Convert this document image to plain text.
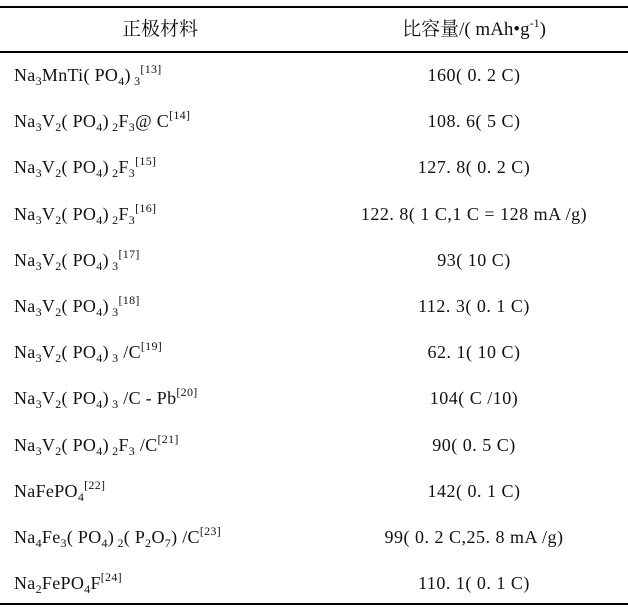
正极材料	比容量/( $mAh•g^{-1}$)
$Na_3MnTi$( $PO_4$) $_3$[13]	160( 0. 2 C)
$Na_3V_2$( $PO_4$) $_2F_3@$ C[14]	108. 6( 5 C)
$Na_3V_2$( $PO_4$) $_2F_3[15]$	127. 8( 0. 2 C)
$Na_3V_2$( $PO_4$) $_2F_3[16]$	122. 8( 1 C,1 C = 128 mA /g)
$Na_3V_2$( $PO_4$) $_3$[17]	93( 10 C)
$Na_3V_2$( $PO_4$) $_3$[18]	112. 3( 0. 1 C)
$Na_3V_2$( $PO_4$) $_3$ /C[19]	62. 1( 10 C)
$Na_3V_2$( $PO_4$) $_3$ /C - Pb[20]	104( C /10)
$Na_3V_2$( $PO_4$) $_2F_3$ /C[21]	90( 0. 5 C)
NaFePO$_4$[22]	142( 0. 1 C)
$Na_4Fe_3$( $PO_4$) $_2$( $P_2O_7$) /C[23]	99( 0. 2 C,25. 8 mA /g)
$Na_2FePO_4F[24]$	110. 1( 0. 1 C)
